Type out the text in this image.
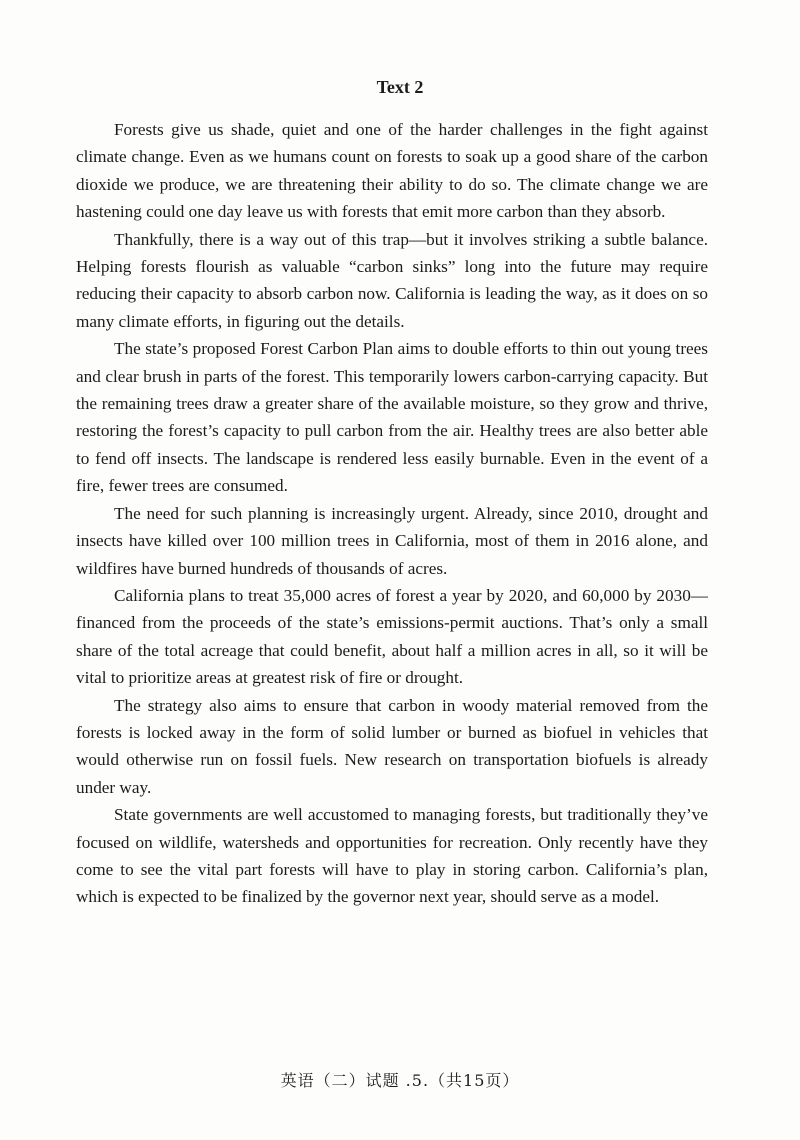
Text 2

Forests give us shade, quiet and one of the harder challenges in the fight against climate change. Even as we humans count on forests to soak up a good share of the carbon dioxide we produce, we are threatening their ability to do so. The climate change we are hastening could one day leave us with forests that emit more carbon than they absorb.

Thankfully, there is a way out of this trap—but it involves striking a subtle balance. Helping forests flourish as valuable “carbon sinks” long into the future may require reducing their capacity to absorb carbon now. California is leading the way, as it does on so many climate efforts, in figuring out the details.

The state’s proposed Forest Carbon Plan aims to double efforts to thin out young trees and clear brush in parts of the forest. This temporarily lowers carbon-carrying capacity. But the remaining trees draw a greater share of the available moisture, so they grow and thrive, restoring the forest’s capacity to pull carbon from the air. Healthy trees are also better able to fend off insects. The landscape is rendered less easily burnable. Even in the event of a fire, fewer trees are consumed.

The need for such planning is increasingly urgent. Already, since 2010, drought and insects have killed over 100 million trees in California, most of them in 2016 alone, and wildfires have burned hundreds of thousands of acres.

California plans to treat 35,000 acres of forest a year by 2020, and 60,000 by 2030—financed from the proceeds of the state’s emissions-permit auctions. That’s only a small share of the total acreage that could benefit, about half a million acres in all, so it will be vital to prioritize areas at greatest risk of fire or drought.

The strategy also aims to ensure that carbon in woody material removed from the forests is locked away in the form of solid lumber or burned as biofuel in vehicles that would otherwise run on fossil fuels. New research on transportation biofuels is already under way.

State governments are well accustomed to managing forests, but traditionally they’ve focused on wildlife, watersheds and opportunities for recreation. Only recently have they come to see the vital part forests will have to play in storing carbon. California’s plan, which is expected to be finalized by the governor next year, should serve as a model.

英语（二）试题 .5.（共15页）
